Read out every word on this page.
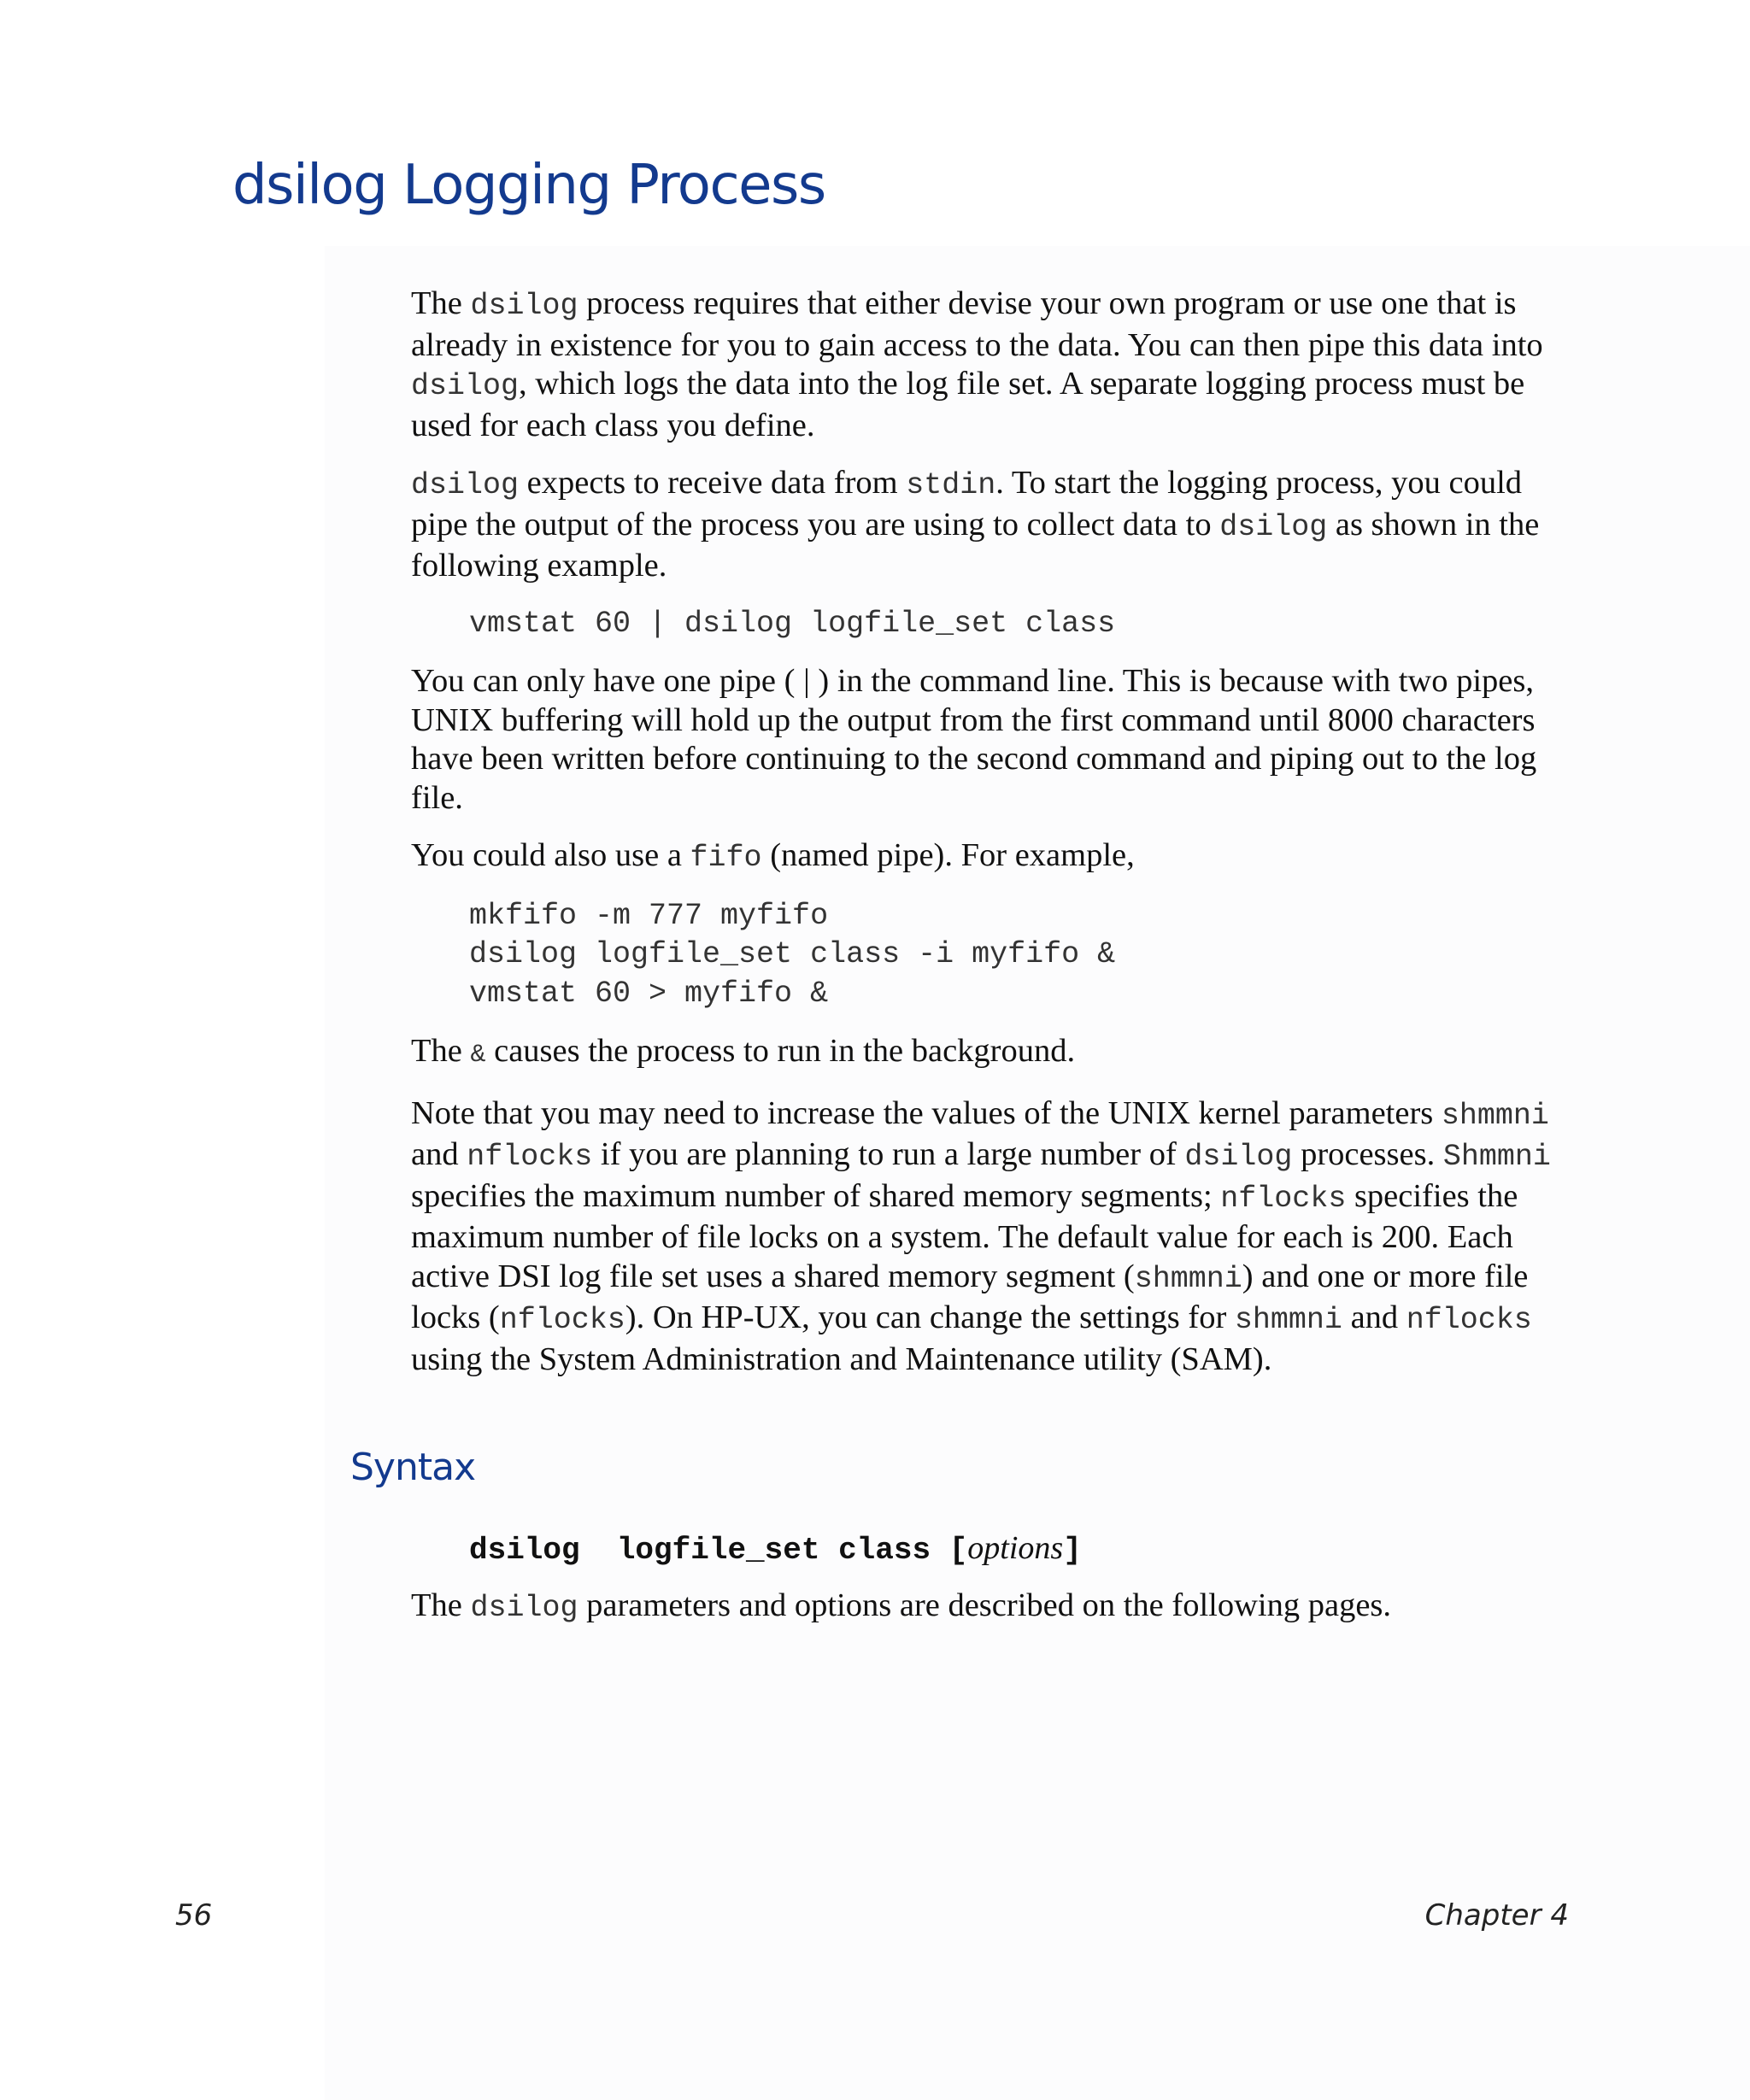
dsilog Logging Process

The dsilog process requires that either devise your own program or use one that is already in existence for you to gain access to the data. You can then pipe this data into dsilog, which logs the data into the log file set. A separate logging process must be used for each class you define.

dsilog expects to receive data from stdin. To start the logging process, you could pipe the output of the process you are using to collect data to dsilog as shown in the following example.

vmstat 60 | dsilog logfile_set class

You can only have one pipe ( | ) in the command line. This is because with two pipes, UNIX buffering will hold up the output from the first command until 8000 characters have been written before continuing to the second command and piping out to the log file.

You could also use a fifo (named pipe). For example,

mkfifo -m 777 myfifo
dsilog logfile_set class -i myfifo &
vmstat 60 > myfifo &

The & causes the process to run in the background.

Note that you may need to increase the values of the UNIX kernel parameters shmmni and nflocks if you are planning to run a large number of dsilog processes. Shmmni specifies the maximum number of shared memory segments; nflocks specifies the maximum number of file locks on a system. The default value for each is 200. Each active DSI log file set uses a shared memory segment (shmmni) and one or more file locks (nflocks). On HP-UX, you can change the settings for shmmni and nflocks using the System Administration and Maintenance utility (SAM).

Syntax
dsilog  logfile_set class [options]
The dsilog parameters and options are described on the following pages.
56	Chapter 4
